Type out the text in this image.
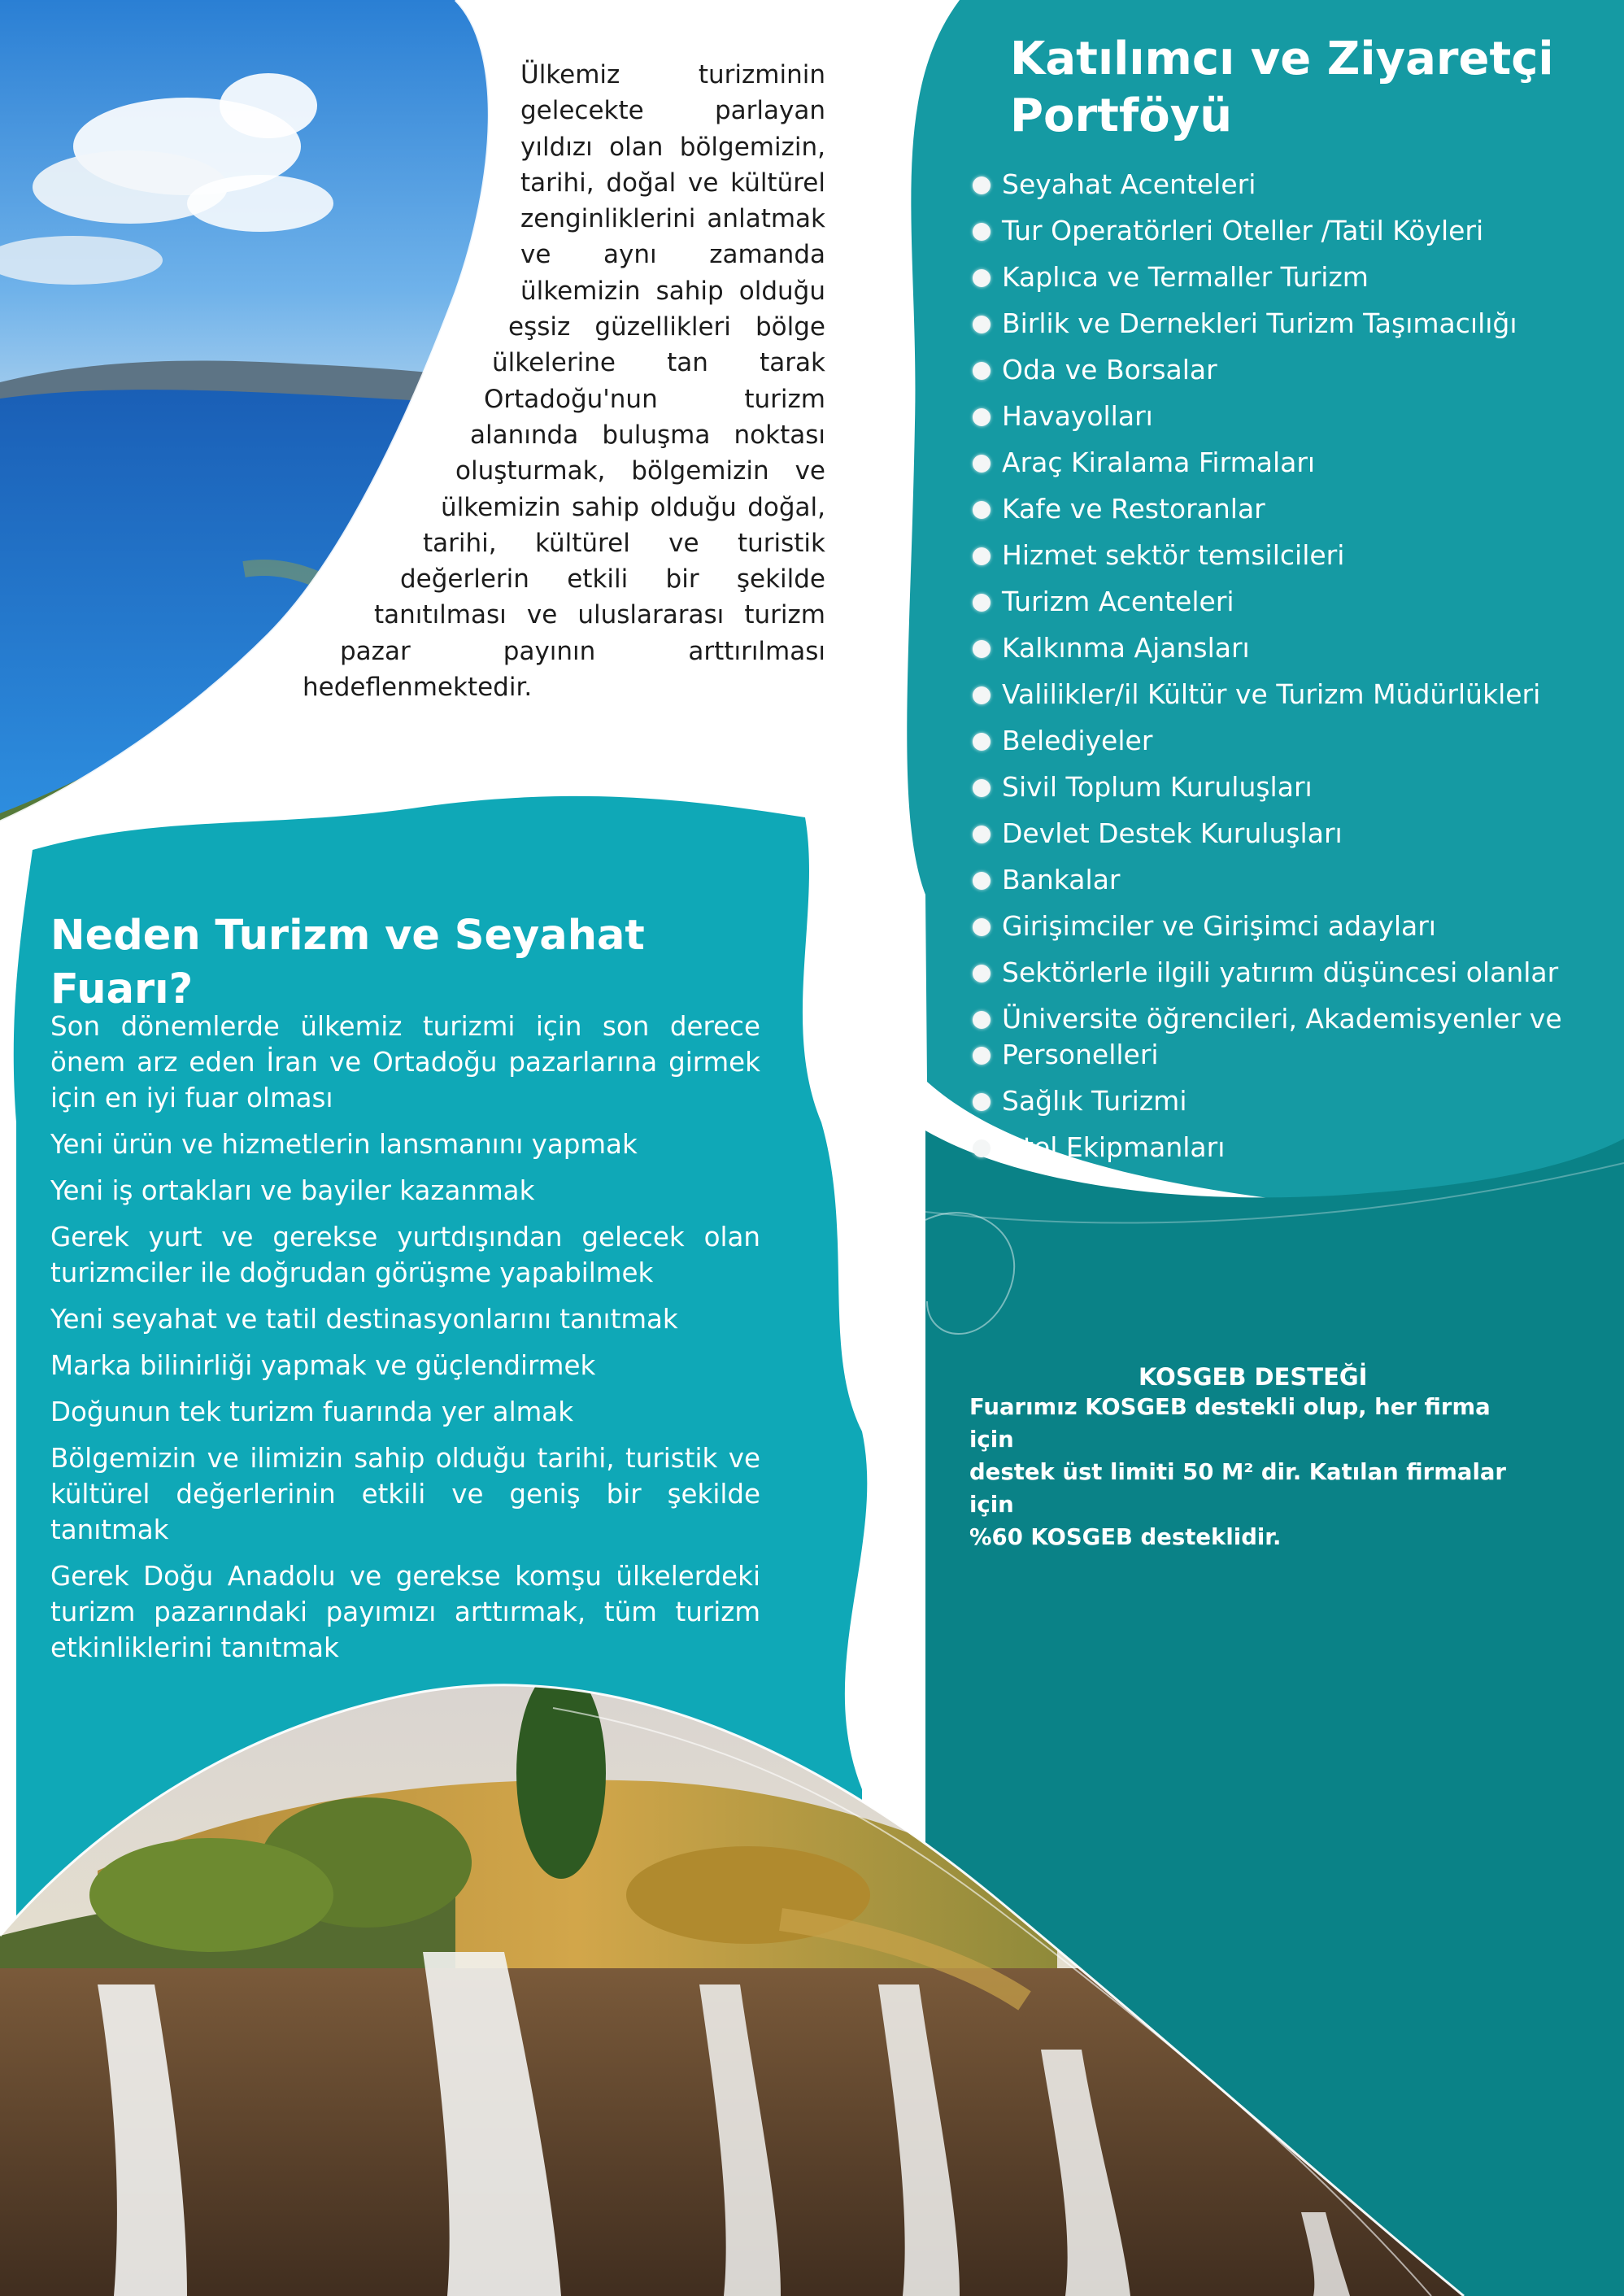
Ülkemiz turizminin
gelecekte parlayan
yıldızı olan bölgemizin,
tarihi, doğal ve kültürel
zenginliklerini anlatmak
ve aynı zamanda
ülkemizin sahip olduğu
eşsiz güzellikleri bölge
ülkelerine tan tarak
Ortadoğu'nun turizm
alanında buluşma noktası
oluşturmak, bölgemizin ve
ülkemizin sahip olduğu doğal,
tarihi, kültürel ve turistik
değerlerin etkili bir şekilde
tanıtılması ve uluslararası turizm
pazar payının arttırılması
hedeflenmektedir.
Katılımcı ve Ziyaretçi
Portföyü
Seyahat Acenteleri
Tur Operatörleri Oteller /Tatil Köyleri
Kaplıca ve Termaller Turizm
Birlik ve Dernekleri Turizm Taşımacılığı
Oda ve Borsalar
Havayolları
Araç Kiralama Firmaları
Kafe ve Restoranlar
Hizmet sektör temsilcileri
Turizm Acenteleri
Kalkınma Ajansları
Valilikler/il Kültür ve Turizm Müdürlükleri
Belediyeler
Sivil Toplum Kuruluşları
Devlet Destek Kuruluşları
Bankalar
Girişimciler ve Girişimci adayları
Sektörlerle ilgili yatırım düşüncesi olanlar
Üniversite öğrencileri, Akademisyenler ve
Personelleri
Sağlık Turizmi
Otel Ekipmanları
Neden Turizm ve Seyahat Fuarı?
Son dönemlerde ülkemiz turizmi için son derece önem arz eden İran ve Ortadoğu pazarlarına girmek için en iyi fuar olması
Yeni ürün ve hizmetlerin lansmanını yapmak
Yeni iş ortakları ve bayiler kazanmak
Gerek yurt ve gerekse yurtdışından gelecek olan turizmciler ile doğrudan görüşme yapabilmek
Yeni seyahat ve tatil destinasyonlarını tanıtmak
Marka bilinirliği yapmak ve güçlendirmek
Doğunun tek turizm fuarında yer almak
Bölgemizin ve ilimizin sahip olduğu tarihi, turistik ve kültürel değerlerinin etkili ve geniş bir şekilde tanıtmak
Gerek Doğu Anadolu ve gerekse komşu ülkelerdeki turizm pazarındaki payımızı arttırmak, tüm turizm etkinliklerini tanıtmak
KOSGEB DESTEĞİ

Fuarımız KOSGEB destekli olup, her firma için
destek üst limiti 50 M² dir. Katılan firmalar için
%60 KOSGEB desteklidir.
